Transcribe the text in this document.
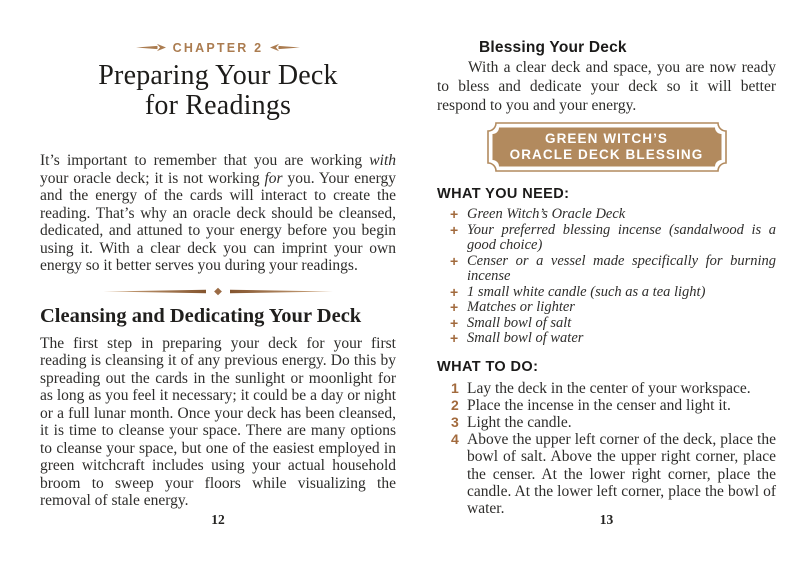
CHAPTER 2
Preparing Your Deck
for Readings

It’s important to remember that you are working with your oracle deck; it is not working for you. Your energy and the energy of the cards will interact to create the reading. That’s why an oracle deck should be cleansed, dedicated, and attuned to your energy before you begin using it. With a clear deck you can imprint your own energy so it better serves you during your readings.

Cleansing and Dedicating Your Deck

The first step in preparing your deck for your first reading is cleansing it of any previous energy. Do this by spreading out the cards in the sunlight or moonlight for as long as you feel it necessary; it could be a day or night or a full lunar month. Once your deck has been cleansed, it is time to cleanse your space. There are many options to cleanse your space, but one of the easiest employed in green witchcraft includes using your actual household broom to sweep your floors while visualizing the removal of stale energy.

Blessing Your Deck

With a clear deck and space, you are now ready to bless and dedicate your deck so it will better respond to you and your energy.

GREEN WITCH’S
ORACLE DECK BLESSING
WHAT YOU NEED:
+ Green Witch’s Oracle Deck
+ Your preferred blessing incense (sandalwood is a good choice)
+ Censer or a vessel made specifically for burning incense
+ 1 small white candle (such as a tea light)
+ Matches or lighter
+ Small bowl of salt
+ Small bowl of water
WHAT TO DO:
1 Lay the deck in the center of your workspace.
2 Place the incense in the censer and light it.
3 Light the candle.
4 Above the upper left corner of the deck, place the bowl of salt. Above the upper right corner, place the censer. At the lower right corner, place the candle. At the lower left corner, place the bowl of water.
12	13
